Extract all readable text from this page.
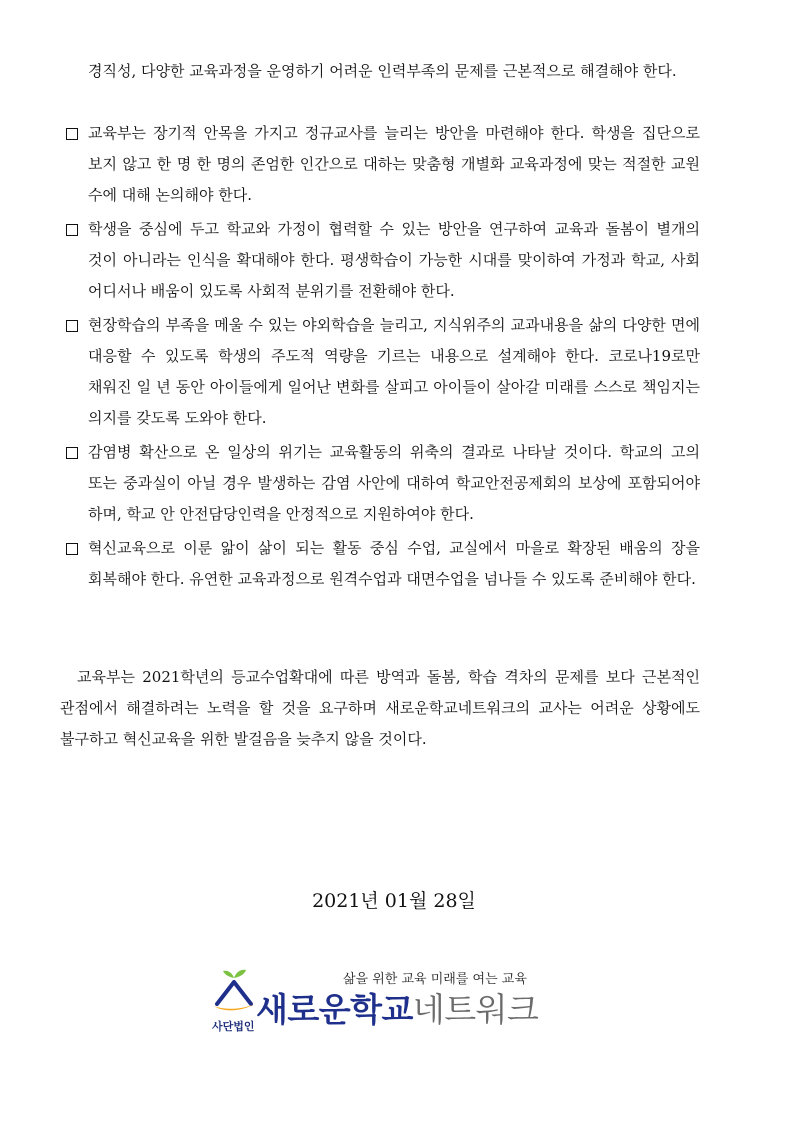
경직성, 다양한 교육과정을 운영하기 어려운 인력부족의 문제를 근본적으로 해결해야 한다.

교육부는 장기적 안목을 가지고 정규교사를 늘리는 방안을 마련해야 한다. 학생을 집단으로 보지 않고 한 명 한 명의 존엄한 인간으로 대하는 맞춤형 개별화 교육과정에 맞는 적절한 교원 수에 대해 논의해야 한다.
학생을 중심에 두고 학교와 가정이 협력할 수 있는 방안을 연구하여 교육과 돌봄이 별개의 것이 아니라는 인식을 확대해야 한다. 평생학습이 가능한 시대를 맞이하여 가정과 학교, 사회 어디서나 배움이 있도록 사회적 분위기를 전환해야 한다.
현장학습의 부족을 메울 수 있는 야외학습을 늘리고, 지식위주의 교과내용을 삶의 다양한 면에 대응할 수 있도록 학생의 주도적 역량을 기르는 내용으로 설계해야 한다. 코로나19로만 채워진 일 년 동안 아이들에게 일어난 변화를 살피고 아이들이 살아갈 미래를 스스로 책임지는 의지를 갖도록 도와야 한다.
감염병 확산으로 온 일상의 위기는 교육활동의 위축의 결과로 나타날 것이다. 학교의 고의 또는 중과실이 아닐 경우 발생하는 감염 사안에 대하여 학교안전공제회의 보상에 포함되어야 하며, 학교 안 안전담당인력을 안정적으로 지원하여야 한다.
혁신교육으로 이룬 앎이 삶이 되는 활동 중심 수업, 교실에서 마을로 확장된 배움의 장을 회복해야 한다. 유연한 교육과정으로 원격수업과 대면수업을 넘나들 수 있도록 준비해야 한다.

교육부는 2021학년의 등교수업확대에 따른 방역과 돌봄, 학습 격차의 문제를 보다 근본적인 관점에서 해결하려는 노력을 할 것을 요구하며 새로운학교네트워크의 교사는 어려운 상황에도 불구하고 혁신교육을 위한 발걸음을 늦추지 않을 것이다.

2021년 01월 28일

삶을 위한 교육 미래를 여는 교육
사단법인 새로운학교네트워크
